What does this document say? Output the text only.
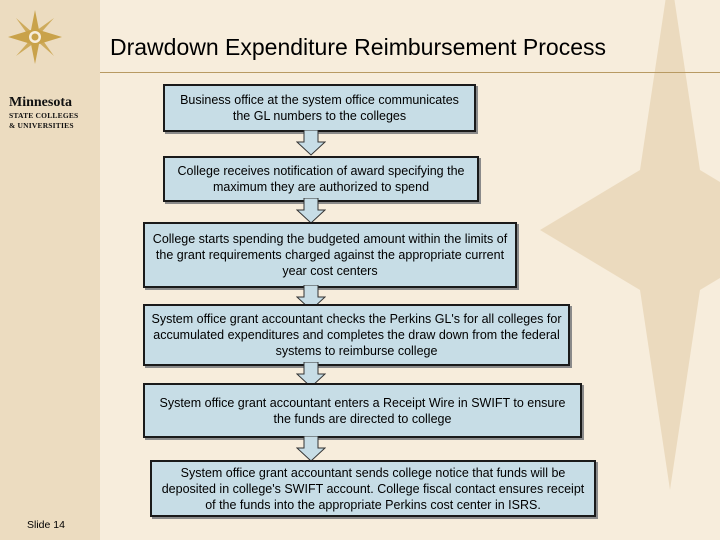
Minnesota
STATE COLLEGES
& UNIVERSITIES
Drawdown Expenditure Reimbursement Process
Business office at the system office communicates the GL numbers to the colleges
College receives notification of award specifying the maximum they are authorized to spend
College starts spending the budgeted amount within the limits of the grant requirements charged against the appropriate current year cost centers
System office grant accountant checks the Perkins GL's for all colleges for accumulated expenditures and completes the draw down from the federal systems to reimburse college
System office grant accountant enters a Receipt Wire in SWIFT to ensure the funds are directed to college
System office grant accountant sends college notice that funds will be deposited in college's SWIFT account. College fiscal contact ensures receipt of the funds into the appropriate Perkins cost center in ISRS.
Slide 14
